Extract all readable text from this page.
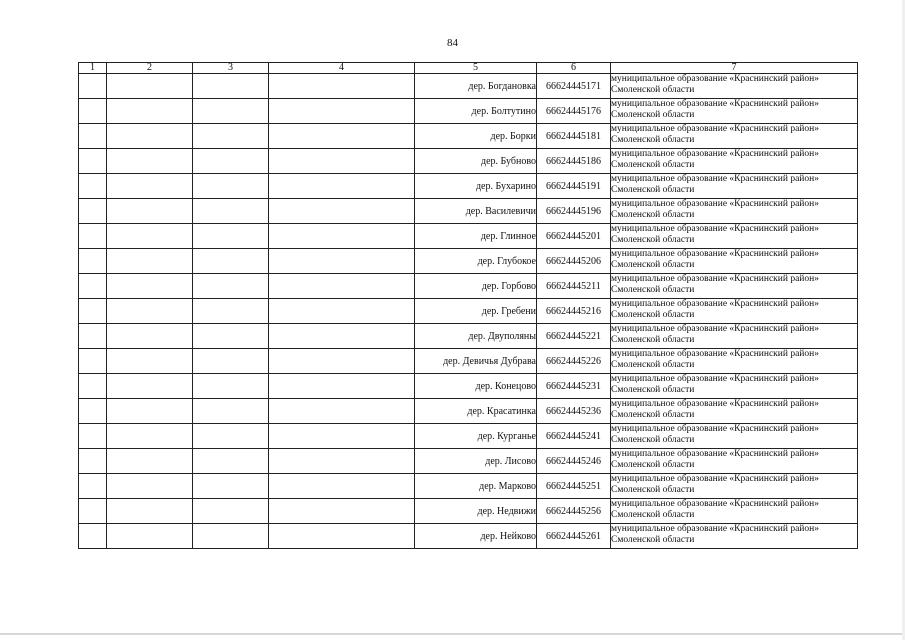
84
1	2	3	4	5	6	7
				дер. Богдановка	66624445171	муниципальное образование «Краснинский район»
Смоленской области

				дер. Болтутино	66624445176	муниципальное образование «Краснинский район»
Смоленской области

				дер. Борки	66624445181	муниципальное образование «Краснинский район»
Смоленской области

				дер. Бубново	66624445186	муниципальное образование «Краснинский район»
Смоленской области

				дер. Бухарино	66624445191	муниципальное образование «Краснинский район»
Смоленской области

				дер. Василевичи	66624445196	муниципальное образование «Краснинский район»
Смоленской области

				дер. Глинное	66624445201	муниципальное образование «Краснинский район»
Смоленской области

				дер. Глубокое	66624445206	муниципальное образование «Краснинский район»
Смоленской области

				дер. Горбово	66624445211	муниципальное образование «Краснинский район»
Смоленской области

				дер. Гребени	66624445216	муниципальное образование «Краснинский район»
Смоленской области

				дер. Двуполяны	66624445221	муниципальное образование «Краснинский район»
Смоленской области

				дер. Девичья Дубрава	66624445226	муниципальное образование «Краснинский район»
Смоленской области

				дер. Конецово	66624445231	муниципальное образование «Краснинский район»
Смоленской области

				дер. Красатинка	66624445236	муниципальное образование «Краснинский район»
Смоленской области

				дер. Курганье	66624445241	муниципальное образование «Краснинский район»
Смоленской области

				дер. Лисово	66624445246	муниципальное образование «Краснинский район»
Смоленской области

				дер. Марково	66624445251	муниципальное образование «Краснинский район»
Смоленской области

				дер. Недвижи	66624445256	муниципальное образование «Краснинский район»
Смоленской области

				дер. Нейково	66624445261	муниципальное образование «Краснинский район»
Смоленской области
